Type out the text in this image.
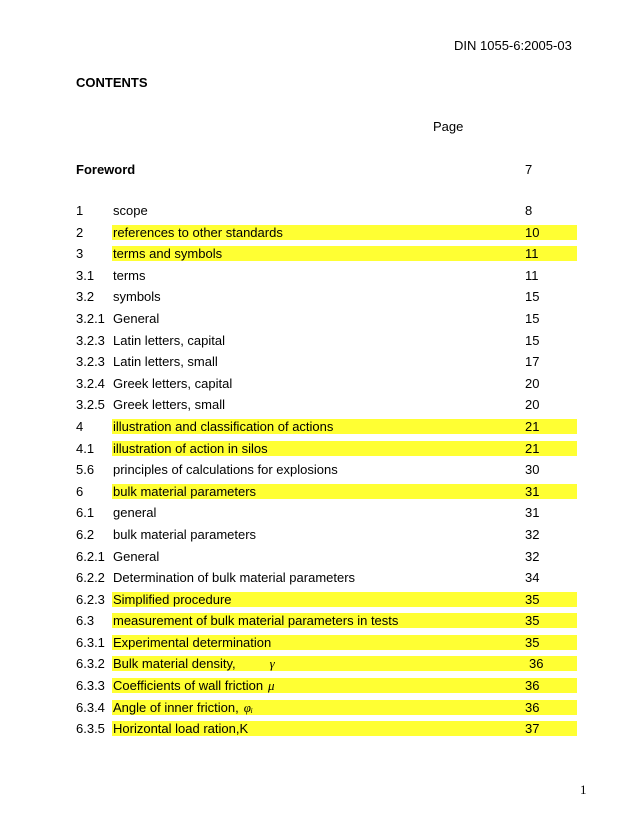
DIN 1055-6:2005-03
CONTENTS
Page
Foreword	7
1 scope	8
2 references to other standards	10
3 terms and symbols	11
3.1 terms	11
3.2 symbols	15
3.2.1 General	15
3.2.3 Latin letters, capital	15
3.2.3 Latin letters, small	17
3.2.4 Greek letters, capital	20
3.2.5 Greek letters, small	20
4 illustration and classification of actions	21
4.1 illustration of action in silos	21
5.6 principles of calculations for explosions	30
6 bulk material parameters	31
6.1 general	31
6.2 bulk material parameters	32
6.2.1 General	32
6.2.2 Determination of bulk material parameters	34
6.2.3 Simplified procedure	35
6.3 measurement of bulk material parameters in tests	35
6.3.1 Experimental determination	35
6.3.2 Bulk material density,	γ	36
6.3.3 Coefficients of wall friction μ	36
6.3.4 Angle of inner friction, φᵢ	36
6.3.5 Horizontal load ration,K	37
1
